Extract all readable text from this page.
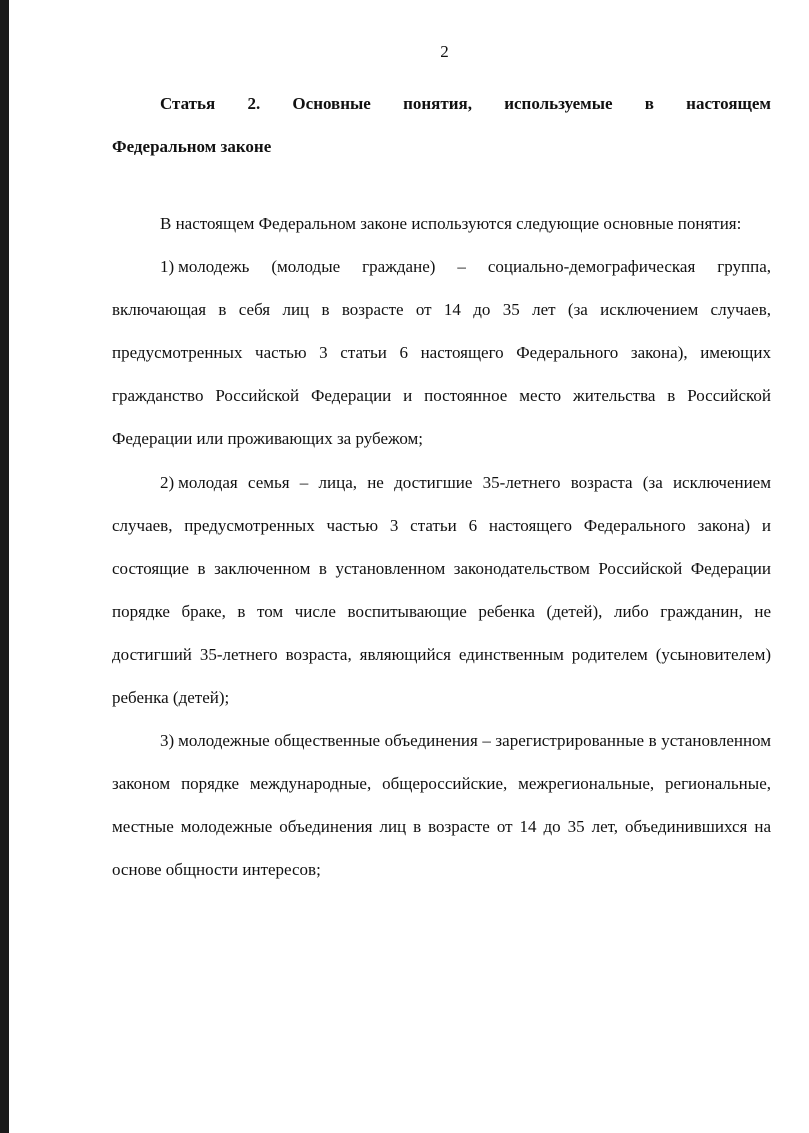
2
Статья 2. Основные понятия, используемые в настоящем
Федеральном законе

В настоящем Федеральном законе используются следующие основные понятия:

1) молодежь (молодые граждане) – социально-демографическая группа, включающая в себя лиц в возрасте от 14 до 35 лет (за исключением случаев, предусмотренных частью 3 статьи 6 настоящего Федерального закона), имеющих гражданство Российской Федерации и постоянное место жительства в Российской Федерации или проживающих за рубежом;

2) молодая семья – лица, не достигшие 35-летнего возраста (за исключением случаев, предусмотренных частью 3 статьи 6 настоящего Федерального закона) и состоящие в заключенном в установленном законодательством Российской Федерации порядке браке, в том числе воспитывающие ребенка (детей), либо гражданин, не достигший 35-летнего возраста, являющийся единственным родителем (усыновителем) ребенка (детей);

3) молодежные общественные объединения – зарегистрированные в установленном законом порядке международные, общероссийские, межрегиональные, региональные, местные молодежные объединения лиц в возрасте от 14 до 35 лет, объединившихся на основе общности интересов;
